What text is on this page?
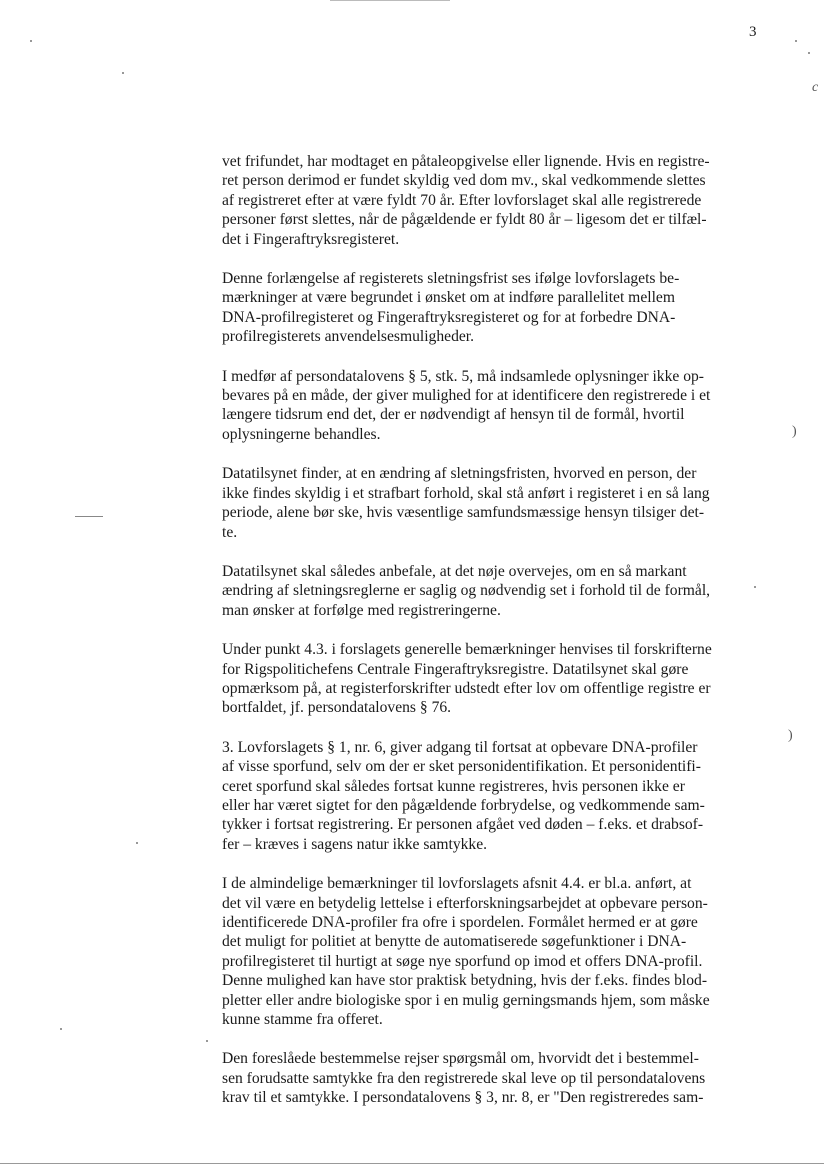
3

vet frifundet, har modtaget en påtaleopgivelse eller lignende. Hvis en registre-
ret person derimod er fundet skyldig ved dom mv., skal vedkommende slettes
af registreret efter at være fyldt 70 år. Efter lovforslaget skal alle registrerede
personer først slettes, når de pågældende er fyldt 80 år – ligesom det er tilfæl-
det i Fingeraftryksregisteret.

Denne forlængelse af registerets sletningsfrist ses ifølge lovforslagets be-
mærkninger at være begrundet i ønsket om at indføre parallelitet mellem
DNA-profilregisteret og Fingeraftryksregisteret og for at forbedre DNA-
profilregisterets anvendelsesmuligheder.

I medfør af persondatalovens § 5, stk. 5, må indsamlede oplysninger ikke op-
bevares på en måde, der giver mulighed for at identificere den registrerede i et
længere tidsrum end det, der er nødvendigt af hensyn til de formål, hvortil
oplysningerne behandles.

Datatilsynet finder, at en ændring af sletningsfristen, hvorved en person, der
ikke findes skyldig i et strafbart forhold, skal stå anført i registeret i en så lang
periode, alene bør ske, hvis væsentlige samfundsmæssige hensyn tilsiger det-
te.

Datatilsynet skal således anbefale, at det nøje overvejes, om en så markant
ændring af sletningsreglerne er saglig og nødvendig set i forhold til de formål,
man ønsker at forfølge med registreringerne.

Under punkt 4.3. i forslagets generelle bemærkninger henvises til forskrifterne
for Rigspolitichefens Centrale Fingeraftryksregistre. Datatilsynet skal gøre
opmærksom på, at registerforskrifter udstedt efter lov om offentlige registre er
bortfaldet, jf. persondatalovens § 76.

3. Lovforslagets § 1, nr. 6, giver adgang til fortsat at opbevare DNA-profiler
af visse sporfund, selv om der er sket personidentifikation. Et personidentifi-
ceret sporfund skal således fortsat kunne registreres, hvis personen ikke er
eller har været sigtet for den pågældende forbrydelse, og vedkommende sam-
tykker i fortsat registrering. Er personen afgået ved døden – f.eks. et drabsof-
fer – kræves i sagens natur ikke samtykke.

I de almindelige bemærkninger til lovforslagets afsnit 4.4. er bl.a. anført, at
det vil være en betydelig lettelse i efterforskningsarbejdet at opbevare person-
identificerede DNA-profiler fra ofre i spordelen. Formålet hermed er at gøre
det muligt for politiet at benytte de automatiserede søgefunktioner i DNA-
profilregisteret til hurtigt at søge nye sporfund op imod et offers DNA-profil.
Denne mulighed kan have stor praktisk betydning, hvis der f.eks. findes blod-
pletter eller andre biologiske spor i en mulig gerningsmands hjem, som måske
kunne stamme fra offeret.

Den foreslåede bestemmelse rejser spørgsmål om, hvorvidt det i bestemmel-
sen forudsatte samtykke fra den registrerede skal leve op til persondatalovens
krav til et samtykke. I persondatalovens § 3, nr. 8, er "Den registreredes sam-

)
)
c
